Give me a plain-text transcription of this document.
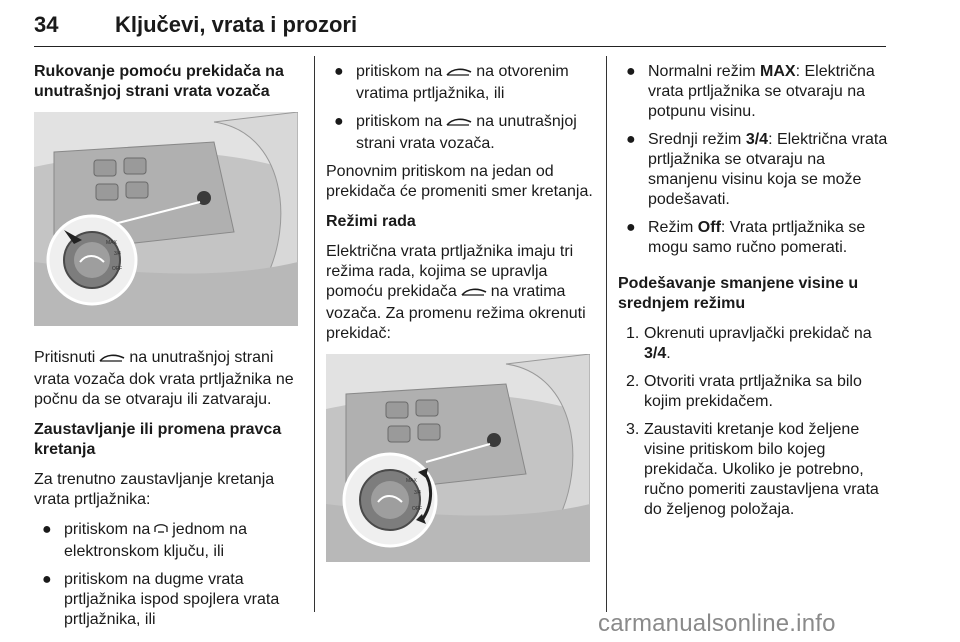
34	Ključevi, vrata i prozori

Rukovanje pomoću prekidača na unutrašnjoj strani vrata vozača

MAX
3/4
OFF

Pritisnuti na unutrašnjoj strani vrata vozača dok vrata prtljažnika ne počnu da se otvaraju ili zatvaraju.

Zaustavljanje ili promena pravca kretanja

Za trenutno zaustavljanje kretanja vrata prtljažnika:

● pritiskom na jednom na elektronskom ključu, ili
● pritiskom na dugme vrata prtljažnika ispod spojlera vrata prtljažnika, ili
● pritiskom na na otvorenim vratima prtljažnika, ili
● pritiskom na na unutrašnjoj strani vrata vozača.

Ponovnim pritiskom na jedan od prekidača će promeniti smer kretanja.

Režimi rada

Električna vrata prtljažnika imaju tri režima rada, kojima se upravlja pomoću prekidača na vratima vozača. Za promenu režima okrenuti prekidač:

MAX
3/4
OFF
● Normalni režim MAX: Električna vrata prtljažnika se otvaraju na potpunu visinu.
● Srednji režim 3/4: Električna vrata prtljažnika se otvaraju na smanjenu visinu koja se može podešavati.
● Režim Off: Vrata prtljažnika se mogu samo ručno pomerati.

Podešavanje smanjene visine u srednjem režimu

1. Okrenuti upravljački prekidač na 3/4.
2. Otvoriti vrata prtljažnika sa bilo kojim prekidačem.
3. Zaustaviti kretanje kod željene visine pritiskom bilo kojeg prekidača. Ukoliko je potrebno, ručno pomeriti zaustavljena vrata do željenog položaja.
carmanualsonline.info
